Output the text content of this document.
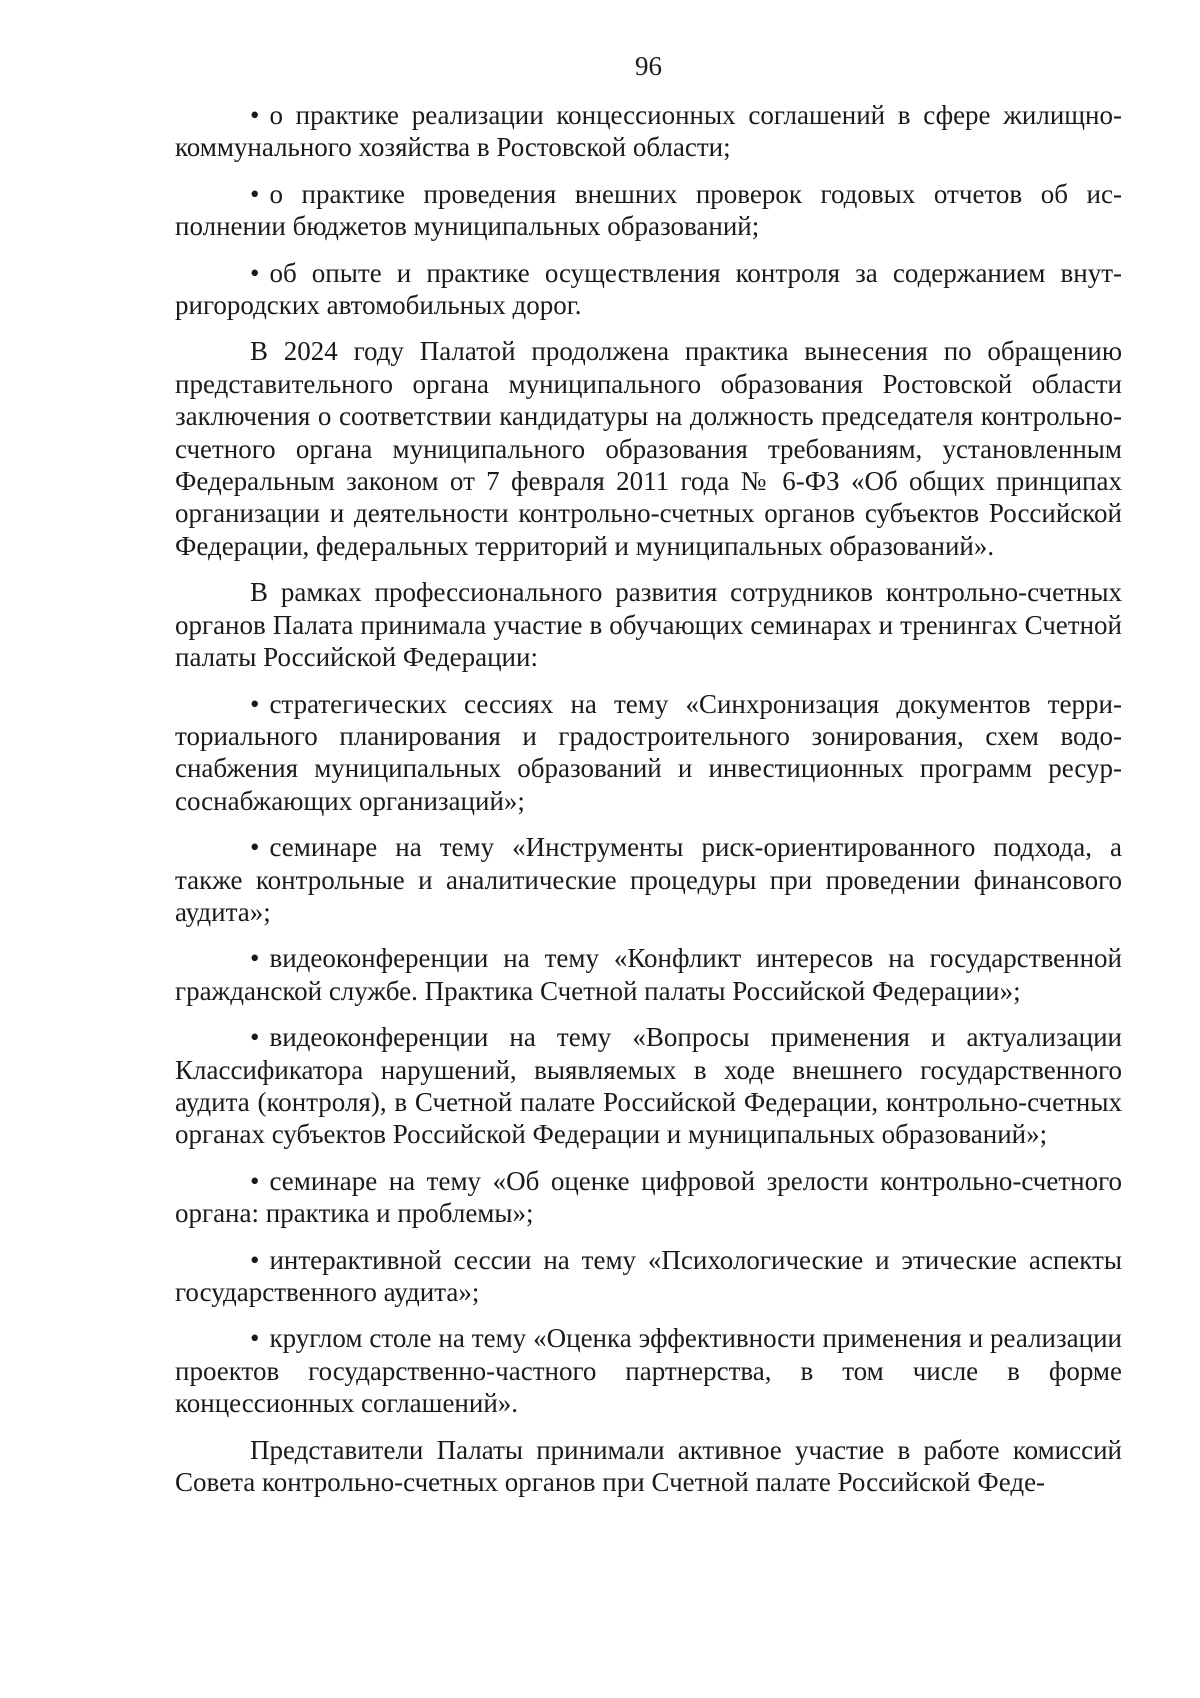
96

• о практике реализации концессионных соглашений в сфере жилищно-коммунального хозяйства в Ростовской области;

• о практике проведения внешних проверок годовых отчетов об исполнении бюджетов муниципальных образований;

• об опыте и практике осуществления контроля за содержанием внутригородских автомобильных дорог.

В 2024 году Палатой продолжена практика вынесения по обращению представительного органа муниципального образования Ростовской области заключения о соответствии кандидатуры на должность председателя контрольно-счетного органа муниципального образования требованиям, установленным Федеральным законом от 7 февраля 2011 года № 6-ФЗ «Об общих принципах организации и деятельности контрольно-счетных органов субъектов Российской Федерации, федеральных территорий и муниципальных образований».

В рамках профессионального развития сотрудников контрольно-​счетных органов Палата принимала участие в обучающих семинарах и тренингах Счетной палаты Российской Федерации:

• стратегических сессиях на тему «Синхронизация документов территориального планирования и градостроительного зонирования, схем водоснабжения муниципальных образований и инвестиционных программ ресурсоснабжающих организаций»;

• семинаре на тему «Инструменты риск-ориентированного подхода, а также контрольные и аналитические процедуры при проведении финансового аудита»;

• видеоконференции на тему «Конфликт интересов на государственной гражданской службе. Практика Счетной палаты Российской Федерации»;

• видеоконференции на тему «Вопросы применения и актуализации Классификатора нарушений, выявляемых в ходе внешнего государственного аудита (контроля), в Счетной палате Российской Федерации, контрольно-​счетных органах субъектов Российской Федерации и муниципальных образований»;

• семинаре на тему «Об оценке цифровой зрелости контрольно-​счетного органа: практика и проблемы»;

• интерактивной сессии на тему «Психологические и этические аспекты государственного аудита»;

• круглом столе на тему «Оценка эффективности применения и реализации проектов государственно-частного партнерства, в том числе в форме концессионных соглашений».

Представители Палаты принимали активное участие в работе комиссий Совета контрольно-счетных органов при Счетной палате Российской Феде-
